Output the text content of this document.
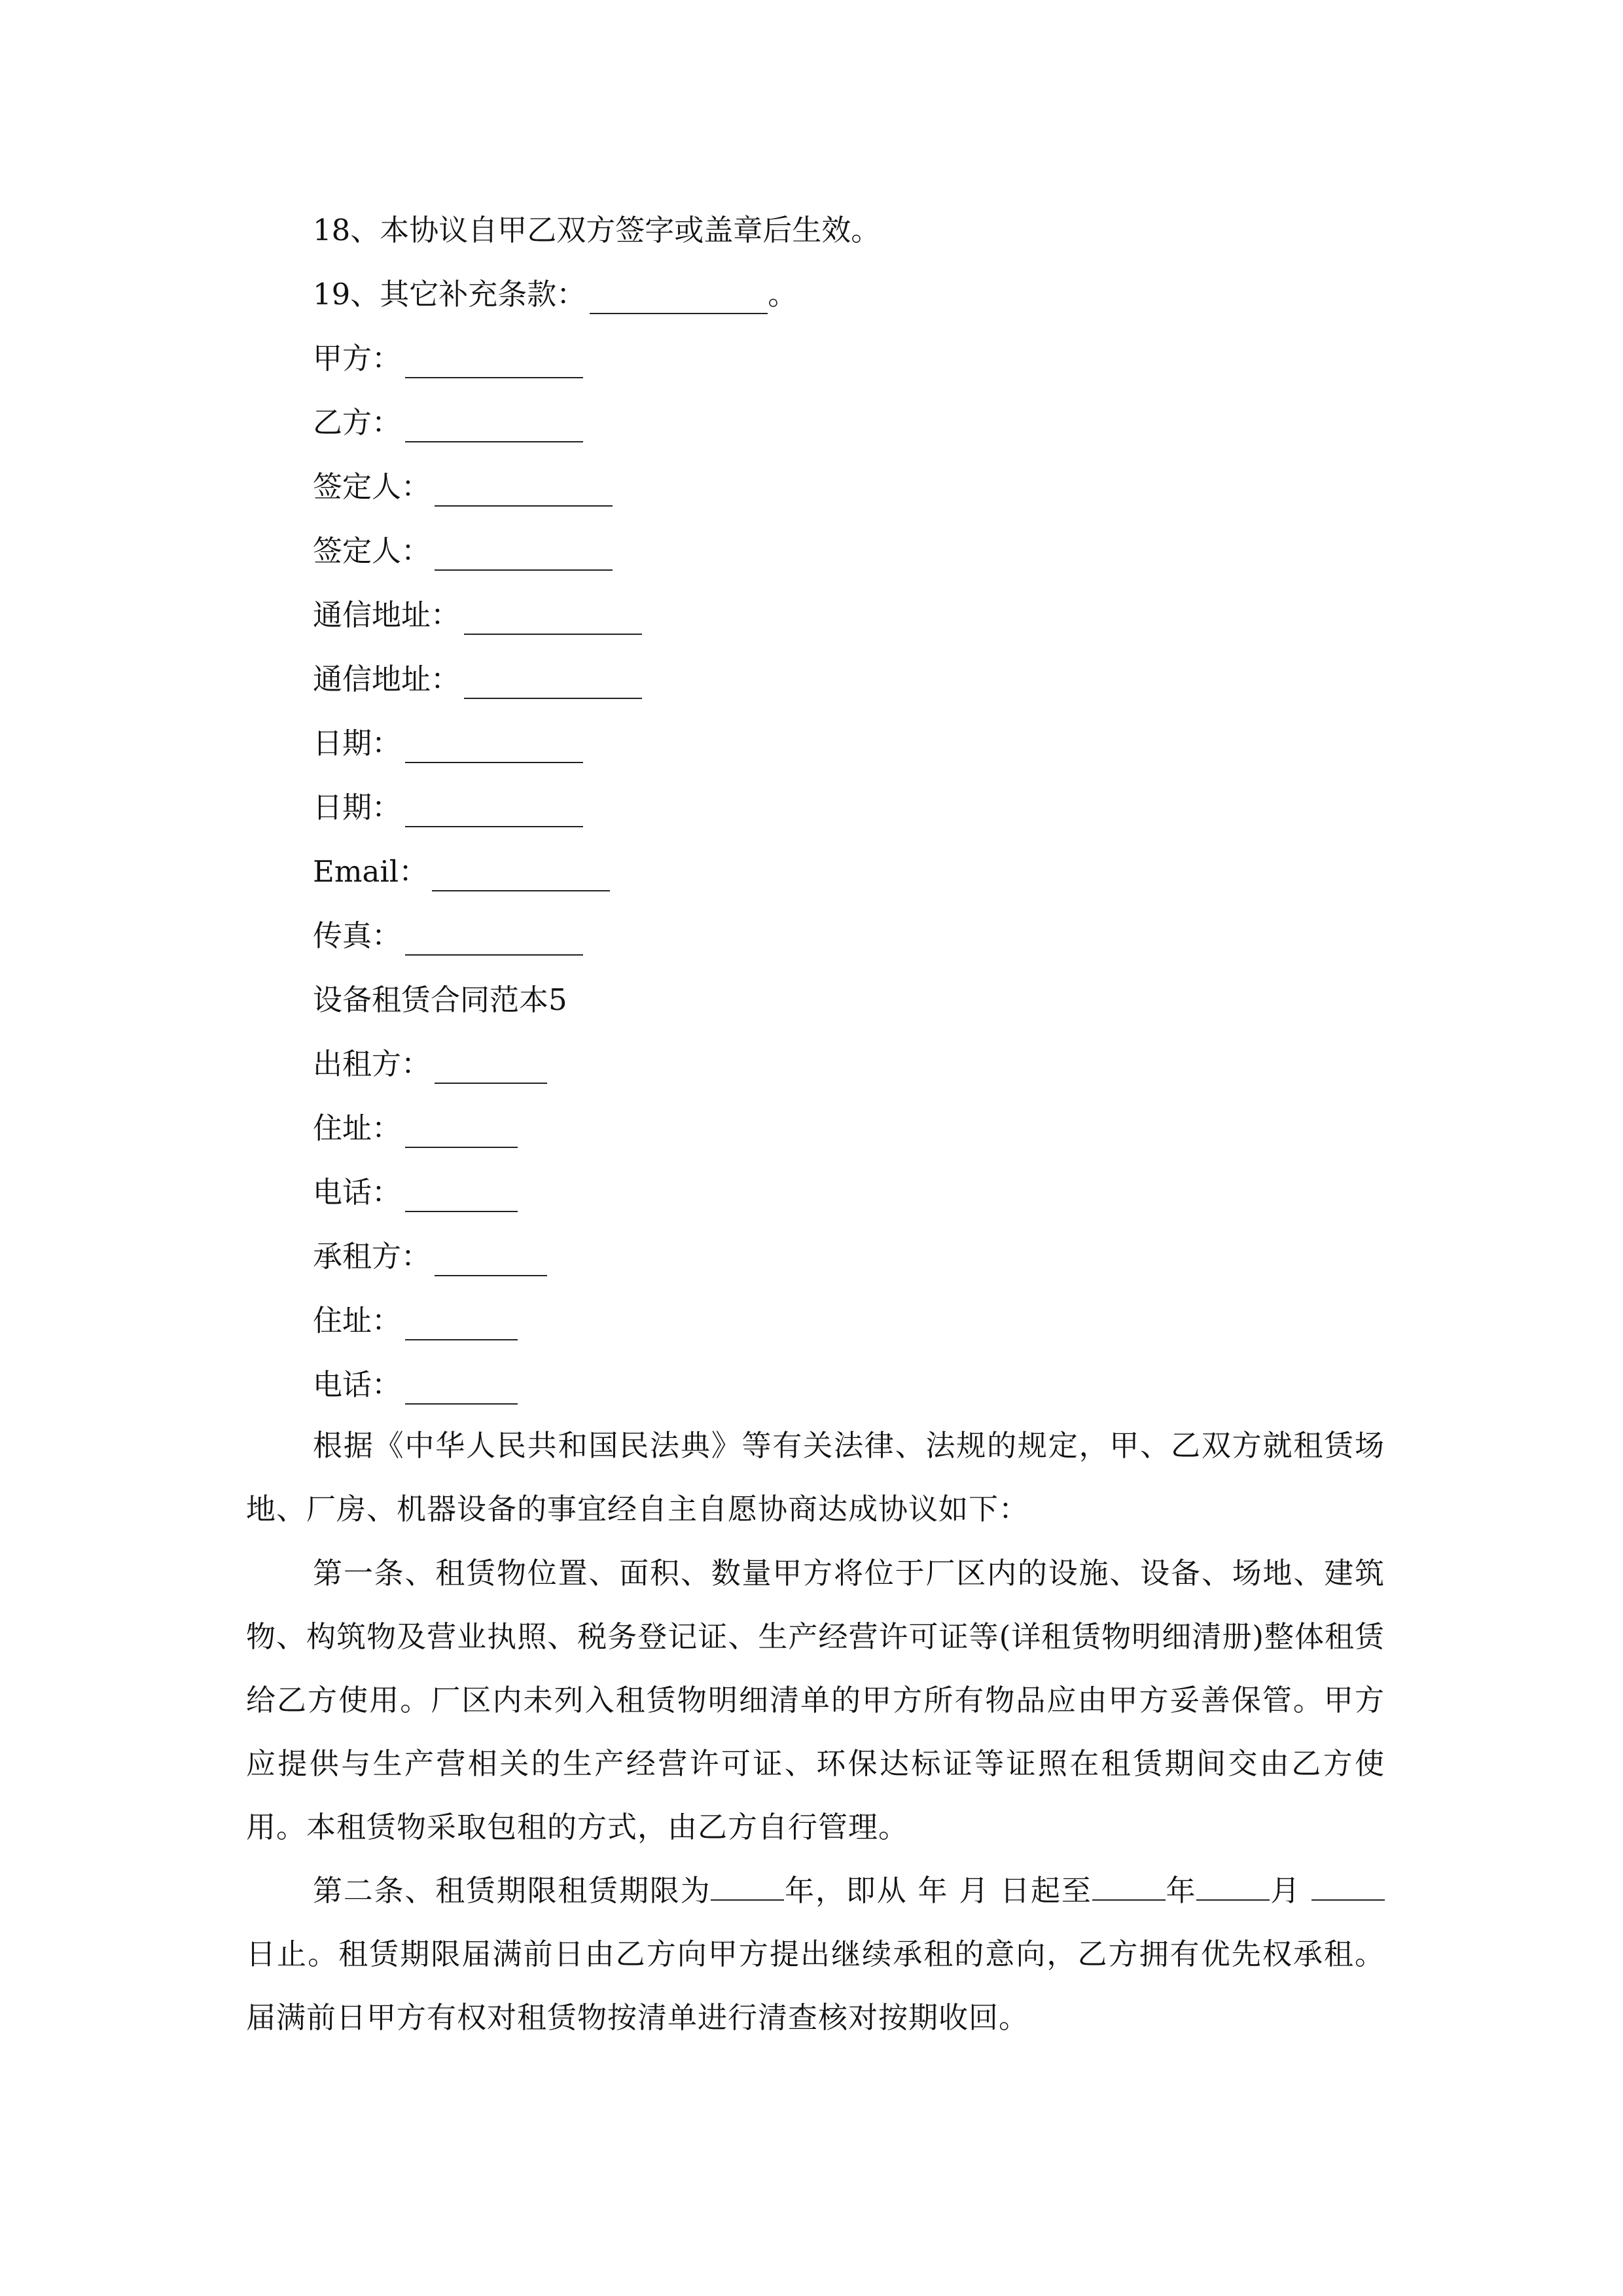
18、本协议自甲乙双方签字或盖章后生效。
19、其它补充条款：	。
甲方：
乙方：
签定人：
签定人：
通信地址：
通信地址：
日期：
日期：
Email：
传真：
设备租赁合同范本5
出租方：
住址：
电话：
承租方：
住址：
电话：
根据《中华人民共和国民法典》等有关法律、法规的规定，甲、乙双方就租赁场地、厂房、机器设备的事宜经自主自愿协商达成协议如下：
第一条、租赁物位置、面积、数量甲方将位于厂区内的设施、设备、场地、建筑物、构筑物及营业执照、税务登记证、生产经营许可证等(详租赁物明细清册)整体租赁给乙方使用。厂区内未列入租赁物明细清单的甲方所有物品应由甲方妥善保管。甲方应提供与生产营相关的生产经营许可证、环保达标证等证照在租赁期间交由乙方使用。本租赁物采取包租的方式，由乙方自行管理。
第二条、租赁期限租赁期限为 年，即从 年 月 日起至 年 月 日止。租赁期限届满前日由乙方向甲方提出继续承租的意向，乙方拥有优先权承租。届满前日甲方有权对租赁物按清单进行清查核对按期收回。
